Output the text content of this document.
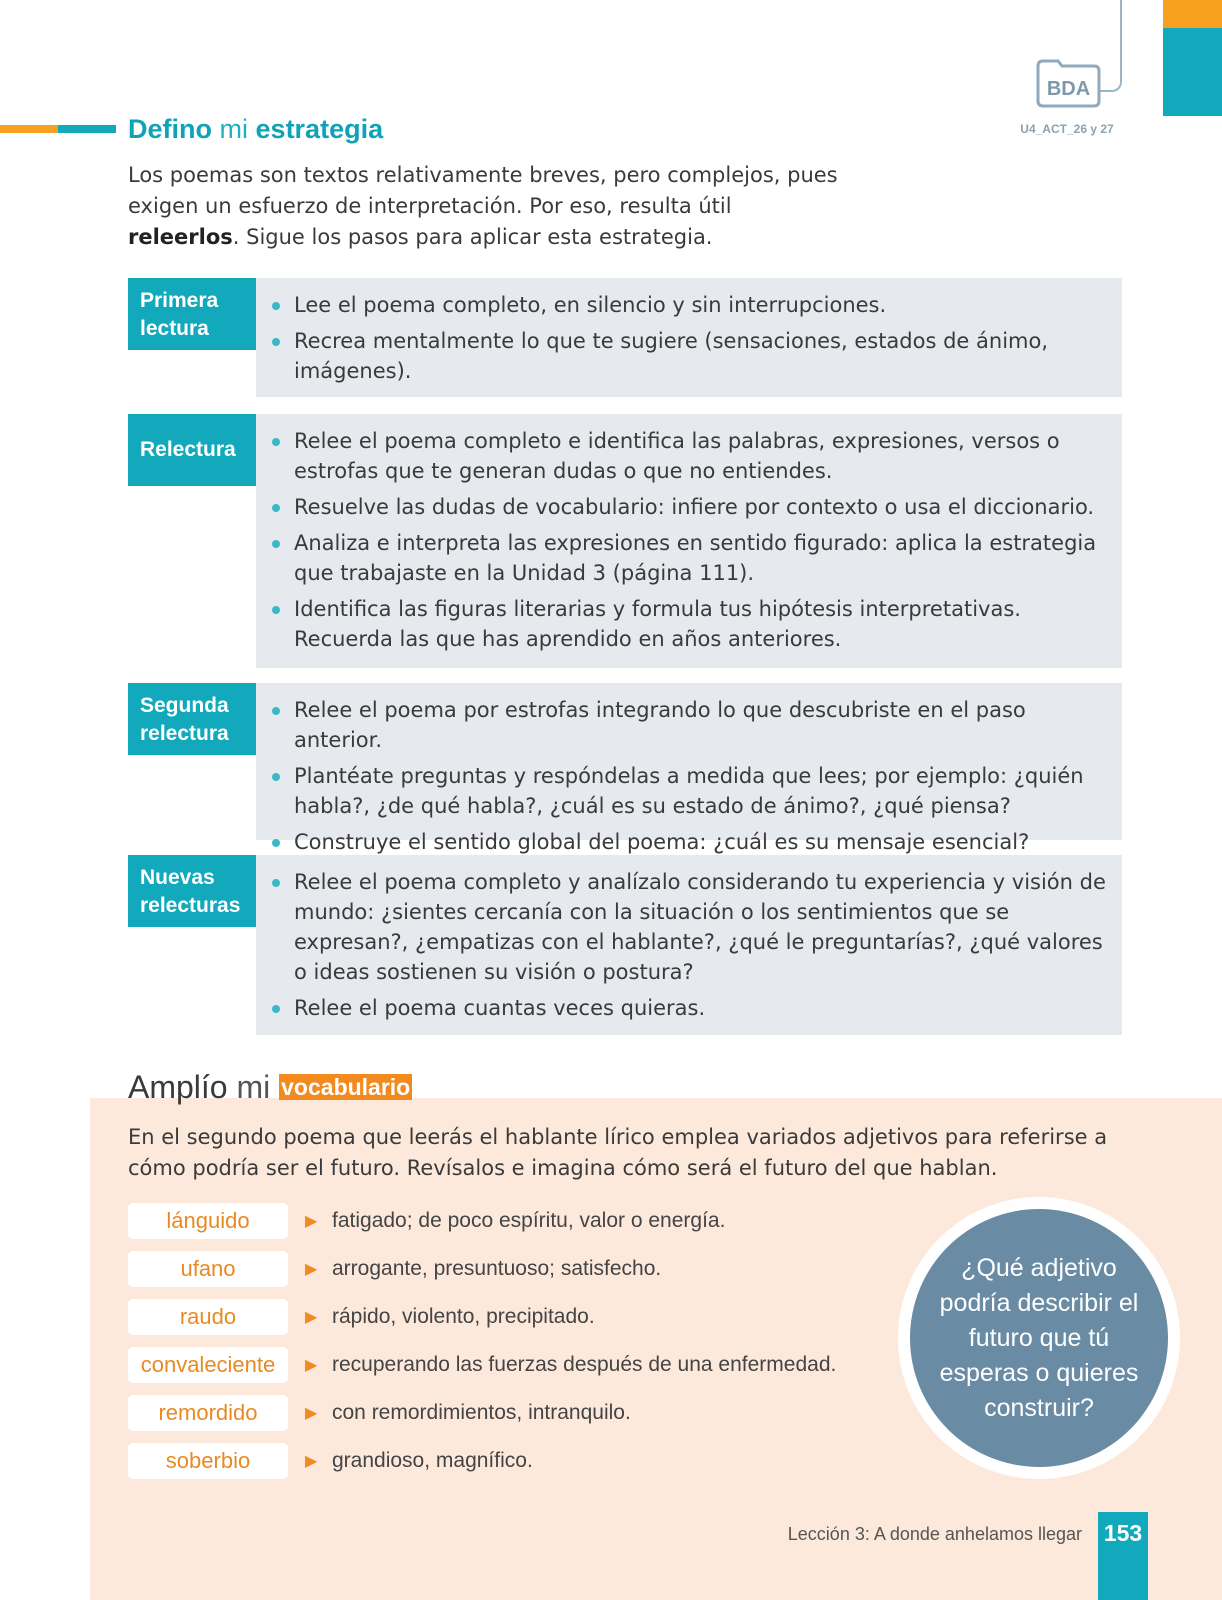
BDA
U4_ACT_26 y 27
Defino mi estrategia

Los poemas son textos relativamente breves, pero complejos, pues exigen un esfuerzo de interpretación. Por eso, resulta útil releerlos. Sigue los pasos para aplicar esta estrategia.

Primera lectura
Lee el poema completo, en silencio y sin interrupciones.
Recrea mentalmente lo que te sugiere (sensaciones, estados de ánimo, imágenes).
Relectura	Relee el poema completo e identifica las palabras, expresiones, versos o estrofas que te generan dudas o que no entiendes.
Resuelve las dudas de vocabulario: infiere por contexto o usa el diccionario.
Analiza e interpreta las expresiones en sentido figurado: aplica la estrategia que trabajaste en la Unidad 3 (página 111).
Identifica las figuras literarias y formula tus hipótesis interpretativas. Recuerda las que has aprendido en años anteriores.
Segunda relectura
Relee el poema por estrofas integrando lo que descubriste en el paso anterior.
Plantéate preguntas y respóndelas a medida que lees; por ejemplo: ¿quién habla?, ¿de qué habla?, ¿cuál es su estado de ánimo?, ¿qué piensa?
Construye el sentido global del poema: ¿cuál es su mensaje esencial?
Nuevas relecturas
Relee el poema completo y analízalo considerando tu experiencia y visión de mundo: ¿sientes cercanía con la situación o los sentimientos que se expresan?, ¿empatizas con el hablante?, ¿qué le preguntarías?, ¿qué valores o ideas sostienen su visión o postura?
Relee el poema cuantas veces quieras.
Amplío mi vocabulario

En el segundo poema que leerás el hablante lírico emplea variados adjetivos para referirse a cómo podría ser el futuro. Revísalos e imagina cómo será el futuro del que hablan.

lánguido	▶ fatigado; de poco espíritu, valor o energía.
ufano	▶ arrogante, presuntuoso; satisfecho.
raudo	▶ rápido, violento, precipitado.
convaleciente	▶ recuperando las fuerzas después de una enfermedad.
remordido	▶ con remordimientos, intranquilo.
soberbio	▶ grandioso, magnífico.
¿Qué adjetivo podría describir el futuro que tú esperas o quieres construir?
Lección 3: A donde anhelamos llegar 153
